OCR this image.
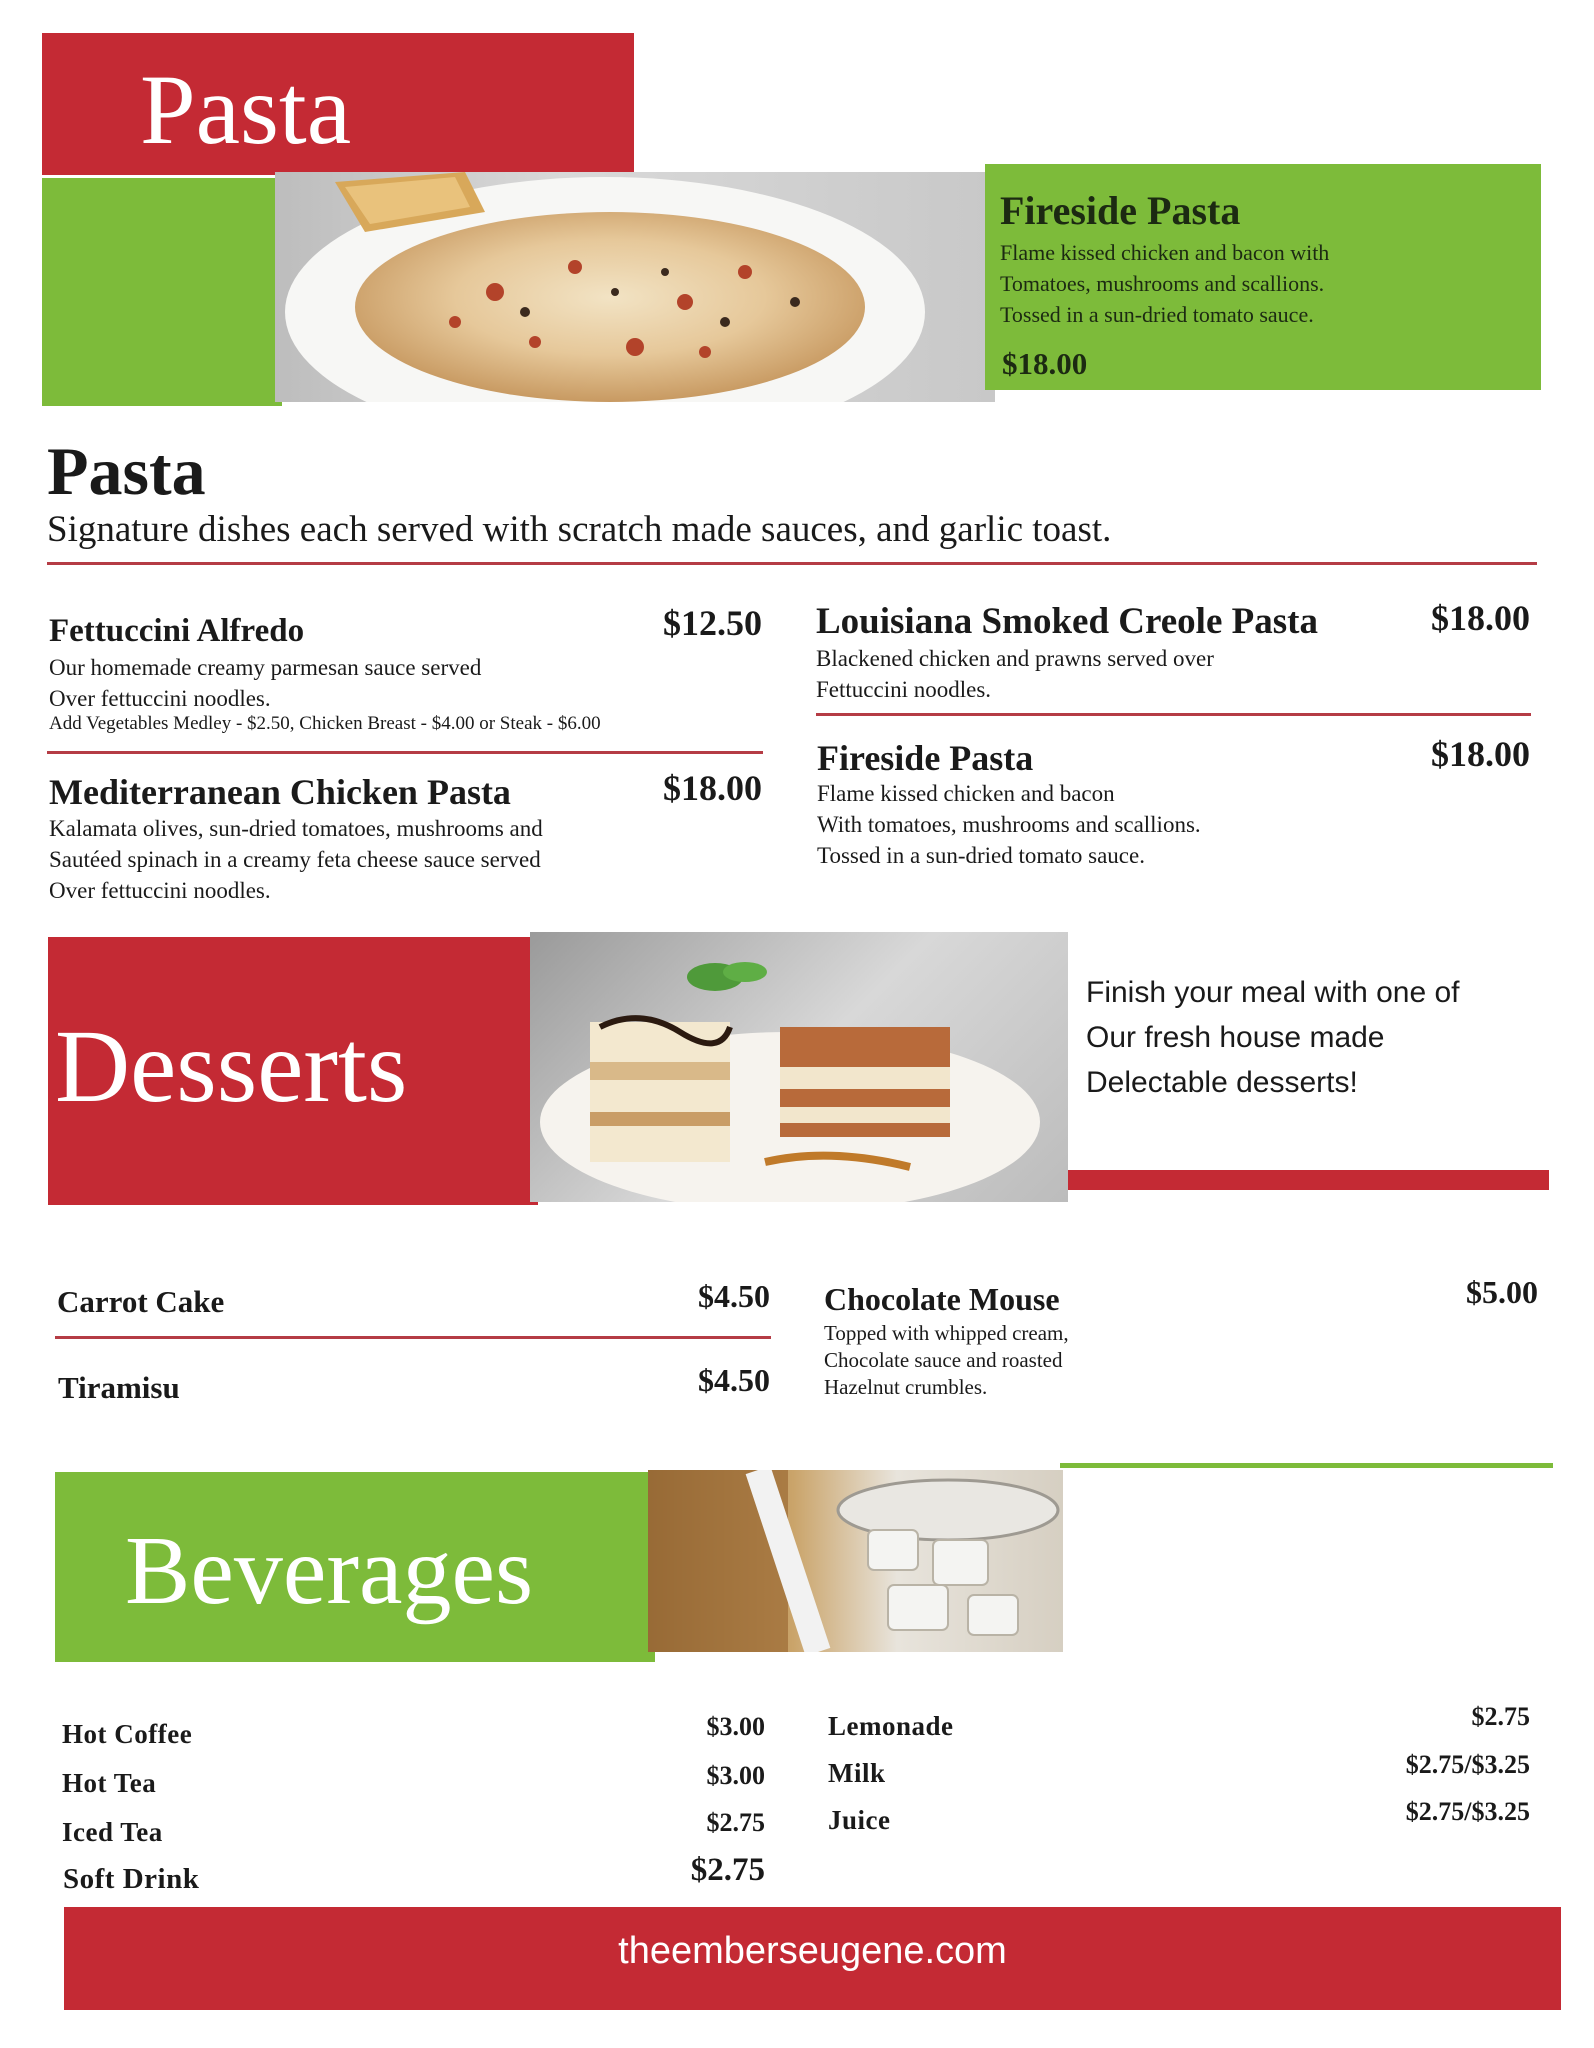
Pasta
Fireside Pasta
Flame kissed chicken and bacon with
Tomatoes, mushrooms and scallions.
Tossed in a sun-dried tomato sauce.
$18.00
Pasta
Signature dishes each served with scratch made sauces, and garlic toast.
Fettuccini Alfredo	$12.50
Our homemade creamy parmesan sauce served
Over fettuccini noodles.
Add Vegetables Medley - $2.50, Chicken Breast - $4.00 or Steak - $6.00
Mediterranean Chicken Pasta	$18.00
Kalamata olives, sun-dried tomatoes, mushrooms and
Sautéed spinach in a creamy feta cheese sauce served
Over fettuccini noodles.
Louisiana Smoked Creole Pasta	$18.00
Blackened chicken and prawns served over
Fettuccini noodles.
Fireside Pasta	$18.00
Flame kissed chicken and bacon
With tomatoes, mushrooms and scallions.
Tossed in a sun-dried tomato sauce.
Desserts
Finish your meal with one of
Our fresh house made
Delectable desserts!
Carrot Cake	$4.50
Tiramisu	$4.50
Chocolate Mouse	$5.00
Topped with whipped cream,
Chocolate sauce and roasted
Hazelnut crumbles.
Beverages
Hot Coffee	$3.00
Hot Tea	$3.00
Iced Tea	$2.75
Soft Drink	$2.75
Lemonade	$2.75
Milk	$2.75/$3.25
Juice	$2.75/$3.25
theemberseugene.com
